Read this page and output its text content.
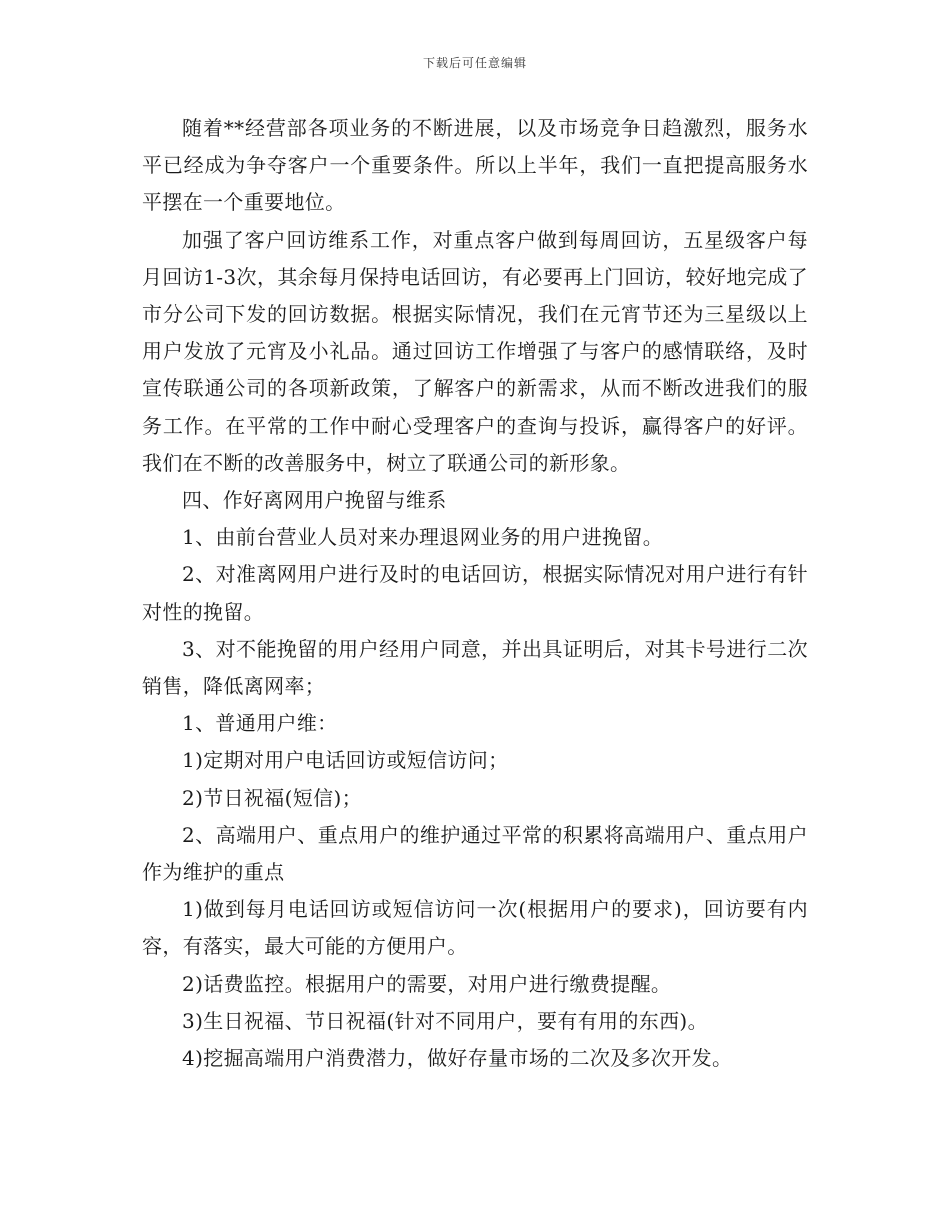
下载后可任意编辑

随着**经营部各项业务的不断进展，以及市场竞争日趋激烈，服务水平已经成为争夺客户一个重要条件。所以上半年，我们一直把提高服务水平摆在一个重要地位。

加强了客户回访维系工作，对重点客户做到每周回访，五星级客户每月回访1-3次，其余每月保持电话回访，有必要再上门回访，较好地完成了市分公司下发的回访数据。根据实际情况，我们在元宵节还为三星级以上用户发放了元宵及小礼品。通过回访工作增强了与客户的感情联络，及时宣传联通公司的各项新政策，了解客户的新需求，从而不断改进我们的服务工作。在平常的工作中耐心受理客户的查询与投诉，赢得客户的好评。我们在不断的改善服务中，树立了联通公司的新形象。

四、作好离网用户挽留与维系

1、由前台营业人员对来办理退网业务的用户进挽留。

2、对准离网用户进行及时的电话回访，根据实际情况对用户进行有针对性的挽留。

3、对不能挽留的用户经用户同意，并出具证明后，对其卡号进行二次销售，降低离网率；

1、普通用户维：

1)定期对用户电话回访或短信访问；

2)节日祝福(短信)；

2、高端用户、重点用户的维护通过平常的积累将高端用户、重点用户作为维护的重点

1)做到每月电话回访或短信访问一次(根据用户的要求)，回访要有内容，有落实，最大可能的方便用户。

2)话费监控。根据用户的需要，对用户进行缴费提醒。

3)生日祝福、节日祝福(针对不同用户，要有有用的东西)。

4)挖掘高端用户消费潜力，做好存量市场的二次及多次开发。
